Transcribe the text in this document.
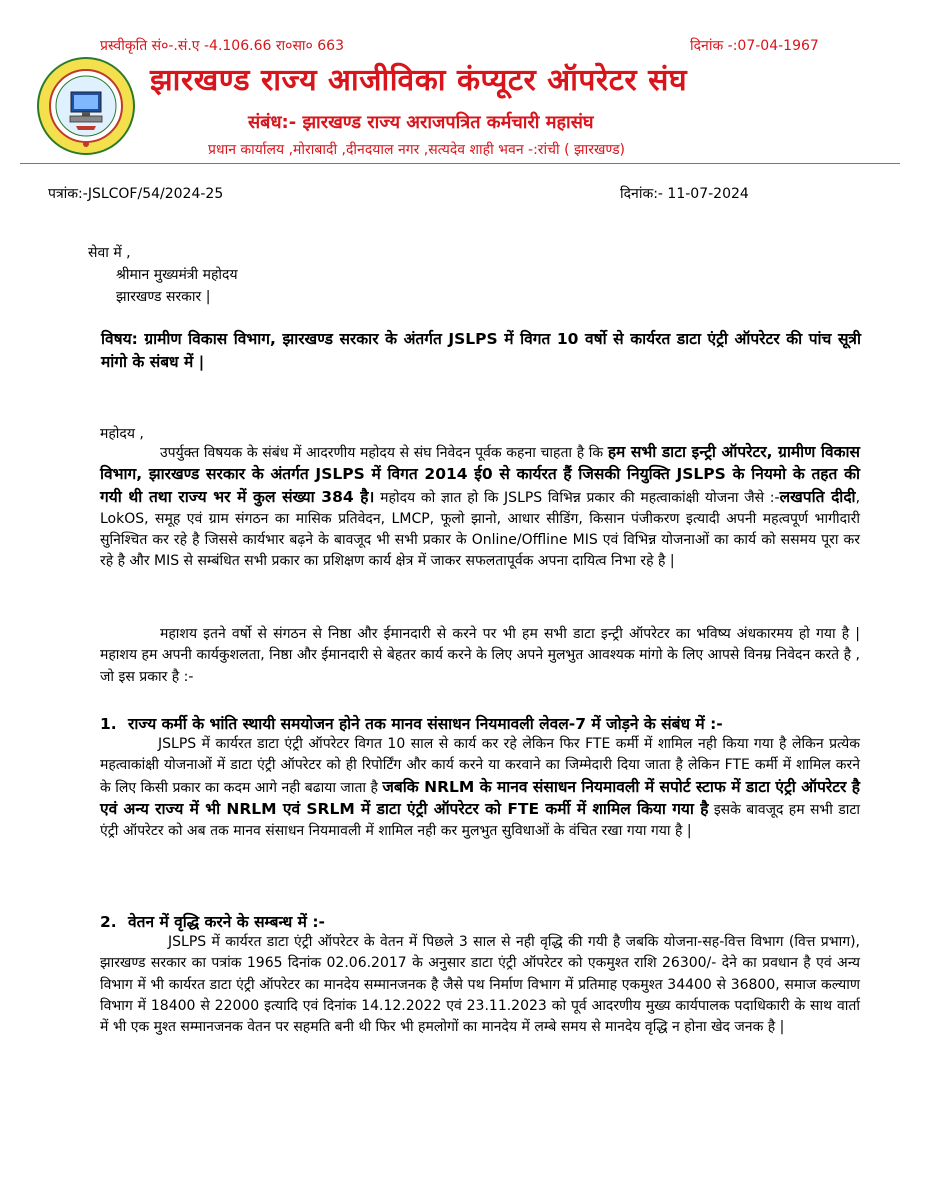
प्रस्वीकृति सं०-.सं.ए -4.106.66 रा०सा० 663	दिनांक -:07-04-1967
झारखण्ड राज्य आजीविका कंप्यूटर ऑपरेटर संघ
संबंध:- झारखण्ड राज्य अराजपत्रित कर्मचारी महासंघ
प्रधान कार्यालय ,मोराबादी ,दीनदयाल नगर ,सत्यदेव शाही भवन -:रांची ( झारखण्ड)
पत्रांक:-JSLCOF/54/2024-25	दिनांक:- 11-07-2024
सेवा में ,
श्रीमान मुख्यमंत्री महोदय
झारखण्ड सरकार |
विषय: ग्रामीण विकास विभाग, झारखण्ड सरकार के अंतर्गत JSLPS में विगत 10 वर्षो से कार्यरत डाटा एंट्री ऑपरेटर की पांच सूत्री मांगो के संबध में |
महोदय ,
उपर्युक्त विषयक के संबंध में आदरणीय महोदय से संघ निवेदन पूर्वक कहना चाहता है कि हम सभी डाटा इन्ट्री ऑपरेटर, ग्रामीण विकास विभाग, झारखण्ड सरकार के अंतर्गत JSLPS में विगत 2014 ई0 से कार्यरत हैं जिसकी नियुक्ति JSLPS के नियमो के तहत की गयी थी तथा राज्य भर में कुल संख्या 384 है। महोदय को ज्ञात हो कि JSLPS विभिन्न प्रकार की महत्वाकांक्षी योजना जैसे :-लखपति दीदी, LokOS, समूह एवं ग्राम संगठन का मासिक प्रतिवेदन, LMCP, फूलो झानो, आधार सीडिंग, किसान पंजीकरण इत्यादी अपनी महत्वपूर्ण भागीदारी सुनिश्चित कर रहे है जिससे कार्यभार बढ़ने के बावजूद भी सभी प्रकार के Online/Offline MIS एवं विभिन्न योजनाओं का कार्य को ससमय पूरा कर रहे है और MIS से सम्बंधित सभी प्रकार का प्रशिक्षण कार्य क्षेत्र में जाकर सफलतापूर्वक अपना दायित्व निभा रहे है |
महाशय इतने वर्षो से संगठन से निष्ठा और ईमानदारी से करने पर भी हम सभी डाटा इन्ट्री ऑपरेटर का भविष्य अंधकारमय हो गया है | महाशय हम अपनी कार्यकुशलता, निष्ठा और ईमानदारी से बेहतर कार्य करने के लिए अपने मुलभुत आवश्यक मांगो के लिए आपसे विनम्र निवेदन करते है , जो इस प्रकार है :-
1. राज्य कर्मी के भांति स्थायी समयोजन होने तक मानव संसाधन नियमावली लेवल-7 में जोड़ने के संबंध में :-
JSLPS में कार्यरत डाटा एंट्री ऑपरेटर विगत 10 साल से कार्य कर रहे लेकिन फिर FTE कर्मी में शामिल नही किया गया है लेकिन प्रत्येक महत्वाकांक्षी योजनाओं में डाटा एंट्री ऑपरेटर को ही रिपोर्टिंग और कार्य करने या करवाने का जिम्मेदारी दिया जाता है लेकिन FTE कर्मी में शामिल करने के लिए किसी प्रकार का कदम आगे नही बढाया जाता है जबकि NRLM के मानव संसाधन नियमावली में सपोर्ट स्टाफ में डाटा एंट्री ऑपरेटर है एवं अन्य राज्य में भी NRLM एवं SRLM में डाटा एंट्री ऑपरेटर को FTE कर्मी में शामिल किया गया है इसके बावजूद हम सभी डाटा एंट्री ऑपरेटर को अब तक मानव संसाधन नियमावली में शामिल नही कर मुलभुत सुविधाओं के वंचित रखा गया गया है |
2. वेतन में वृद्धि करने के सम्बन्ध में :-
JSLPS में कार्यरत डाटा एंट्री ऑपरेटर के वेतन में पिछले 3 साल से नही वृद्धि की गयी है जबकि योजना-सह-वित्त विभाग (वित्त प्रभाग), झारखण्ड सरकार का पत्रांक 1965 दिनांक 02.06.2017 के अनुसार डाटा एंट्री ऑपरेटर को एकमुश्त राशि 26300/- देने का प्रवधान है एवं अन्य विभाग में भी कार्यरत डाटा एंट्री ऑपरेटर का मानदेय सम्मानजनक है जैसे पथ निर्माण विभाग में प्रतिमाह एकमुश्त 34400 से 36800, समाज कल्याण विभाग में 18400 से 22000 इत्यादि एवं दिनांक 14.12.2022 एवं 23.11.2023 को पूर्व आदरणीय मुख्य कार्यपालक पदाधिकारी के साथ वार्ता में भी एक मुश्त सम्मानजनक वेतन पर सहमति बनी थी फिर भी हमलोगों का मानदेय में लम्बे समय से मानदेय वृद्धि न होना खेद जनक है |
